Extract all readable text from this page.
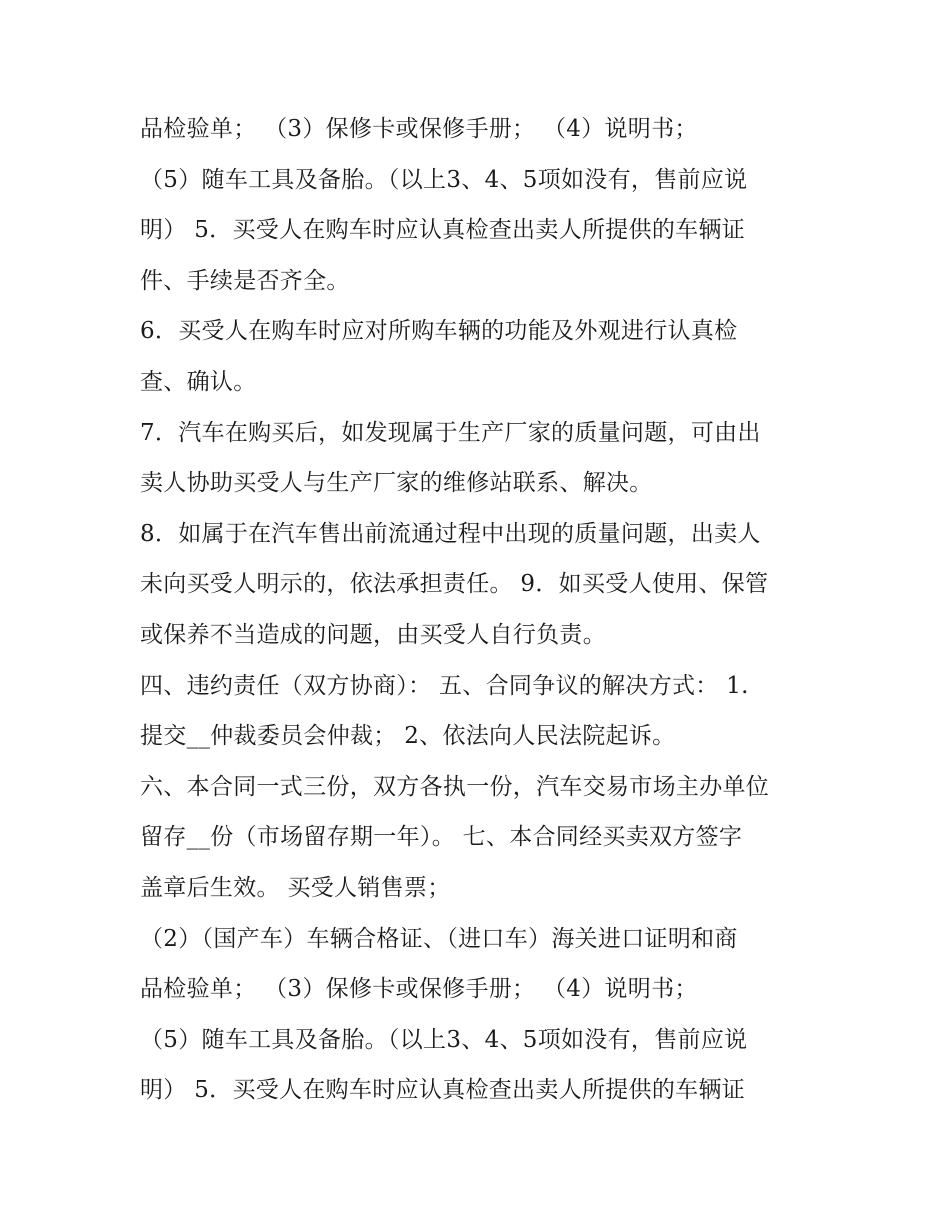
品检验单； （3）保修卡或保修手册； （4）说明书；
（5）随车工具及备胎。（以上3、4、5项如没有，售前应说
明） 5．买受人在购车时应认真检查出卖人所提供的车辆证
件、手续是否齐全。
6．买受人在购车时应对所购车辆的功能及外观进行认真检
查、确认。
7．汽车在购买后，如发现属于生产厂家的质量问题，可由出
卖人协助买受人与生产厂家的维修站联系、解决。
8．如属于在汽车售出前流通过程中出现的质量问题，出卖人
未向买受人明示的，依法承担责任。 9．如买受人使用、保管
或保养不当造成的问题，由买受人自行负责。
四、违约责任（双方协商）： 五、合同争议的解决方式： 1.
提交__仲裁委员会仲裁； 2、依法向人民法院起诉。
六、本合同一式三份，双方各执一份，汽车交易市场主办单位
留存__份（市场留存期一年）。 七、本合同经买卖双方签字
盖章后生效。 买受人销售票；
（2）（国产车）车辆合格证、（进口车）海关进口证明和商
品检验单； （3）保修卡或保修手册； （4）说明书；
（5）随车工具及备胎。（以上3、4、5项如没有，售前应说
明） 5．买受人在购车时应认真检查出卖人所提供的车辆证
